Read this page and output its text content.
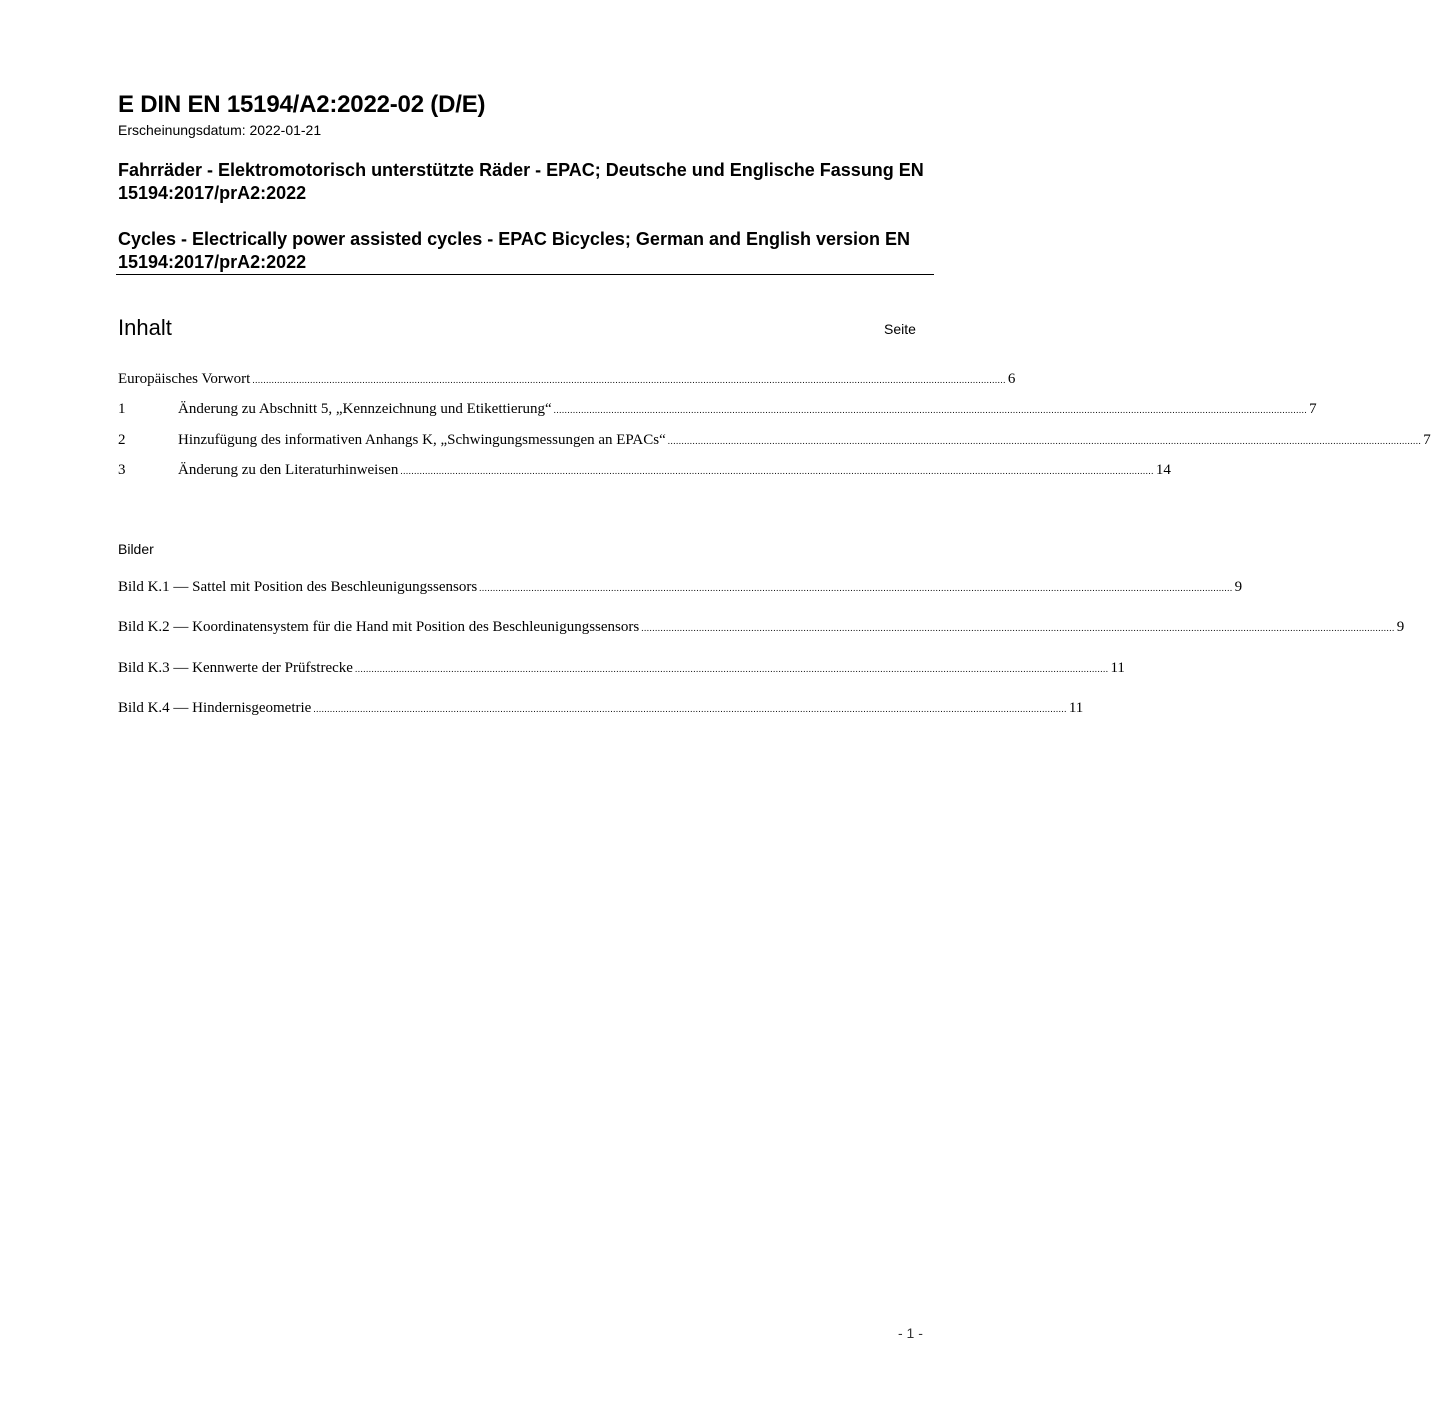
E DIN EN 15194/A2:2022-02 (D/E)
Erscheinungsdatum: 2022-01-21
Fahrräder - Elektromotorisch unterstützte Räder - EPAC; Deutsche und Englische Fassung EN 15194:2017/prA2:2022
Cycles - Electrically power assisted cycles - EPAC Bicycles; German and English version EN 15194:2017/prA2:2022
Inhalt	Seite
Europäisches Vorwort .................................................................................................................................................................................................................................................................................. 6
1	Änderung zu Abschnitt 5, „Kennzeichnung und Etikettierung“ .................................................................................................................................................................................................................................................................................. 7
2	Hinzufügung des informativen Anhangs K, „Schwingungsmessungen an EPACs“ .................................................................................................................................................................................................................................................................................. 7
3	Änderung zu den Literaturhinweisen .................................................................................................................................................................................................................................................................................. 14
Bilder
Bild K.1 — Sattel mit Position des Beschleunigungssensors .................................................................................................................................................................................................................................................................................. 9
Bild K.2 — Koordinatensystem für die Hand mit Position des Beschleunigungssensors .................................................................................................................................................................................................................................................................................. 9
Bild K.3 — Kennwerte der Prüfstrecke .................................................................................................................................................................................................................................................................................. 11
Bild K.4 — Hindernisgeometrie .................................................................................................................................................................................................................................................................................. 11
- 1 -
